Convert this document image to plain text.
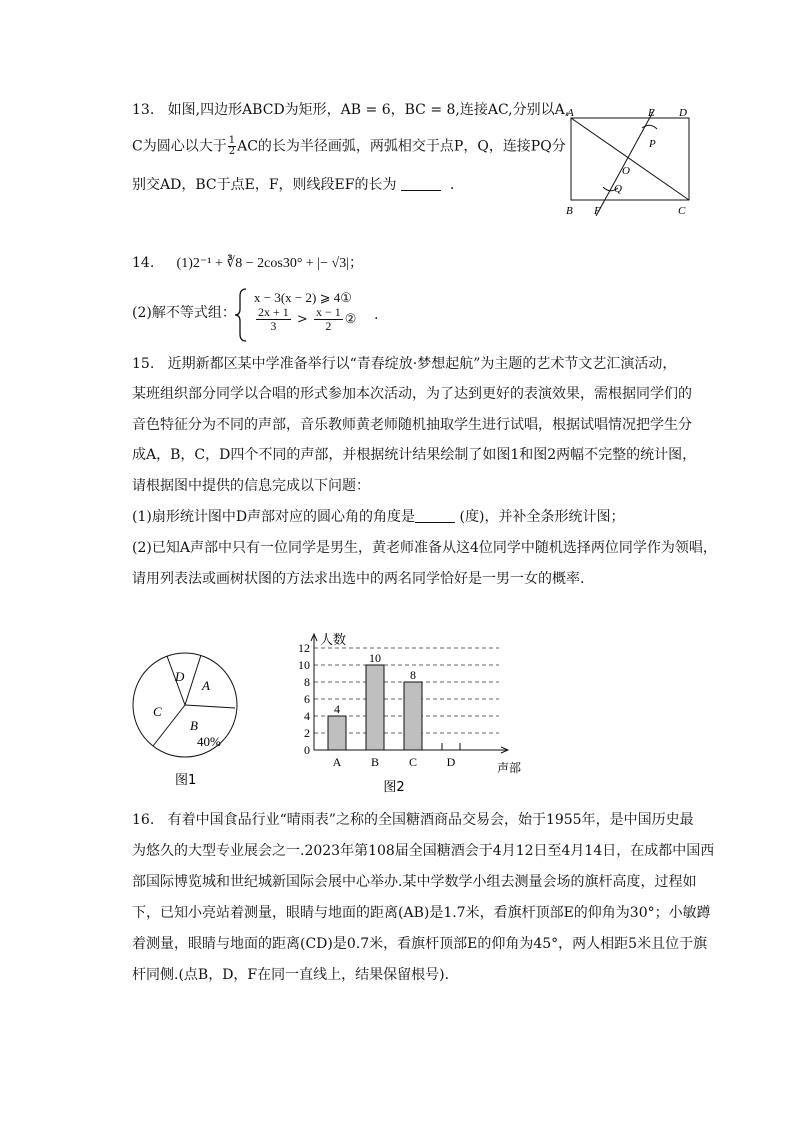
13. 如图,四边形ABCD为矩形，AB = 6，BC = 8,连接AC,分别以A,
C为圆心以大于 $\frac{1}{2}$ AC的长为半径画弧，两弧相交于点P，Q，连接PQ分
别交AD，BC于点E，F，则线段EF的长为	.
A	E D
P
O
Q
B F	C
14. (1)2⁻¹ + ∛8 − 2cos30° + |− √3|；
(2)解不等式组：
x − 3(x − 2) ⩾ 4①
$\frac{2x + 1}{3} > \frac{x - 1}{2}$ ② .
15. 近期新都区某中学准备举行以“青春绽放·梦想起航”为主题的艺术节文艺汇演活动，
某班组织部分同学以合唱的形式参加本次活动，为了达到更好的表演效果，需根据同学们的
音色特征分为不同的声部，音乐教师黄老师随机抽取学生进行试唱，根据试唱情况把学生分
成A，B，C，D四个不同的声部，并根据统计结果绘制了如图1和图2两幅不完整的统计图，
请根据图中提供的信息完成以下问题：
(1)扇形统计图中D声部对应的圆心角的角度是	(度)，并补全条形统计图；
(2)已知A声部中只有一位同学是男生，黄老师准备从这4位同学中随机选择两位同学作为领唱，
请用列表法或画树状图的方法求出选中的两名同学恰好是一男一女的概率.
D
A
C
B
40%
图1
0
2
4
6
8
10
12 人数
声部
4
A
10
B
8
C D
图2
16. 有着中国食品行业“晴雨表”之称的全国糖酒商品交易会，始于1955年，是中国历史最
为悠久的大型专业展会之一.2023年第108届全国糖酒会于4月12日至4月14日，在成都中国西
部国际博览城和世纪城新国际会展中心举办.某中学数学小组去测量会场的旗杆高度，过程如
下，已知小亮站着测量，眼睛与地面的距离(AB)是1.7米，看旗杆顶部E的仰角为30°；小敏蹲
着测量，眼睛与地面的距离(CD)是0.7米，看旗杆顶部E的仰角为45°，两人相距5米且位于旗
杆同侧.(点B，D，F在同一直线上，结果保留根号).
